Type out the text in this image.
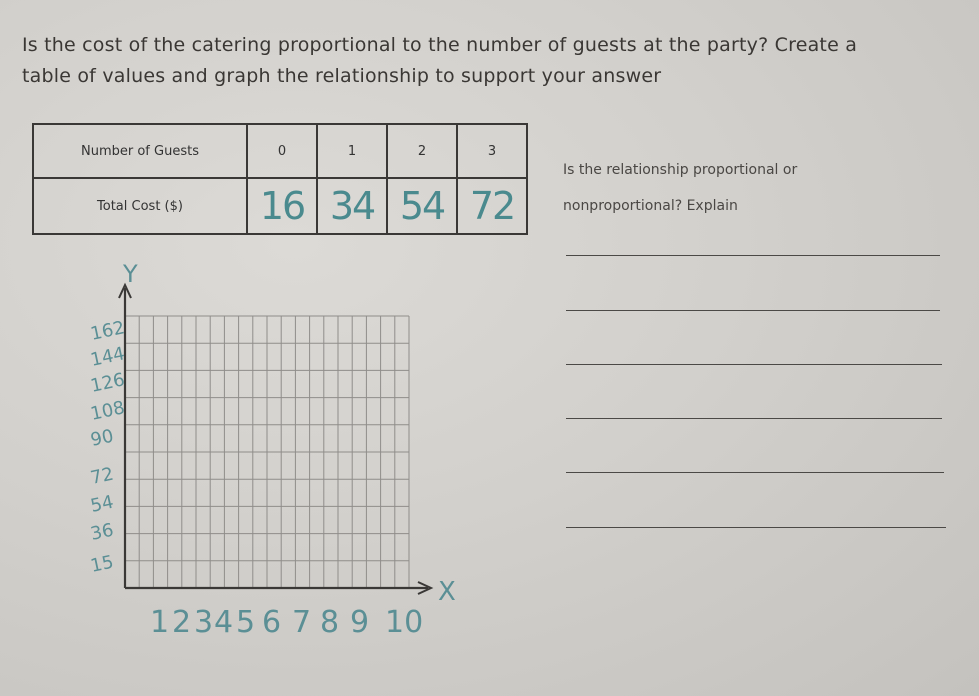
Is the cost of the catering proportional to the number of guests at the party? Create a
table of values and graph the relationship to support your answer
Number of Guests	0	1	2	3
Total Cost ($)	16	34	54	72
Is the relationship proportional or
nonproportional? Explain
Y
X
162
144
126
108
90
72
54
36
15
1 2 3 4 5 6 7 8 9 10
